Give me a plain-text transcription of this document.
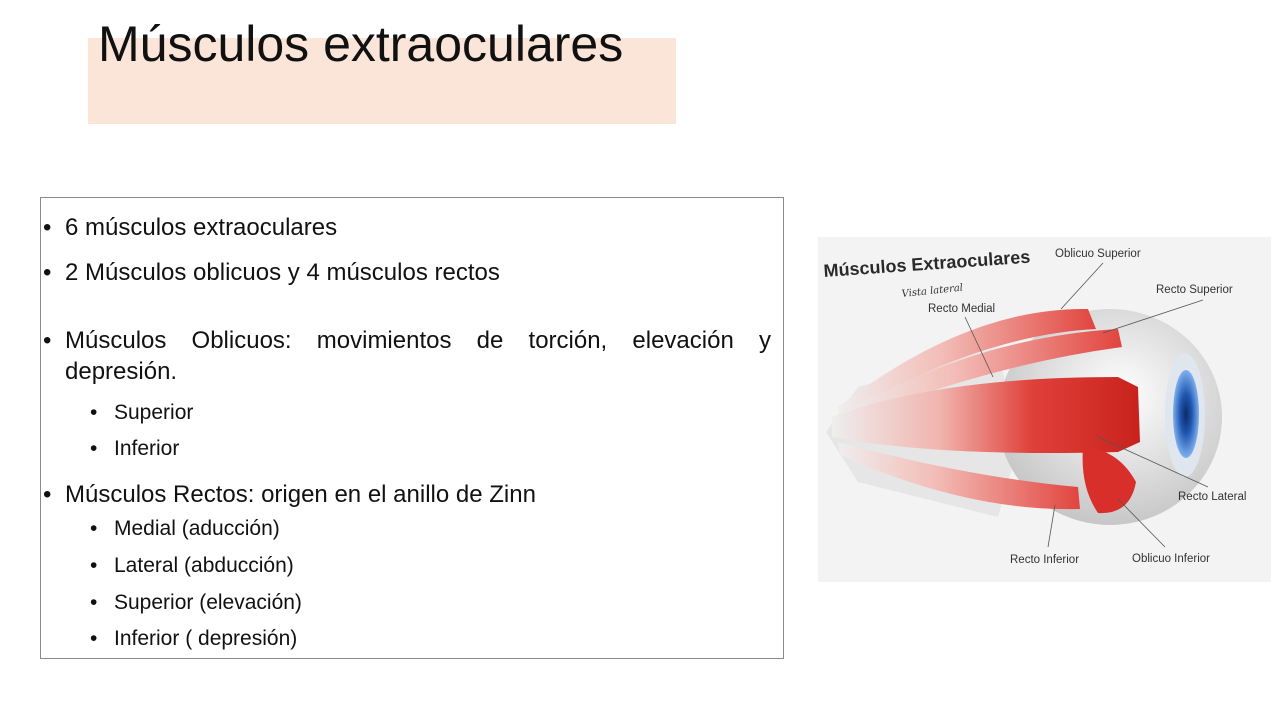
Músculos extraoculares
• 6 músculos extraoculares
• 2 Músculos oblicuos y 4 músculos rectos
• Músculos Oblicuos: movimientos de torción, elevación y depresión.
• Superior
• Inferior
• Músculos Rectos: origen en el anillo de Zinn
• Medial (aducción)
• Lateral (abducción)
• Superior (elevación)
• Inferior ( depresión)
Músculos Extraoculares
Vista lateral
Oblicuo Superior
Recto Superior
Recto Medial
Recto Lateral
Recto Inferior	Oblicuo Inferior
